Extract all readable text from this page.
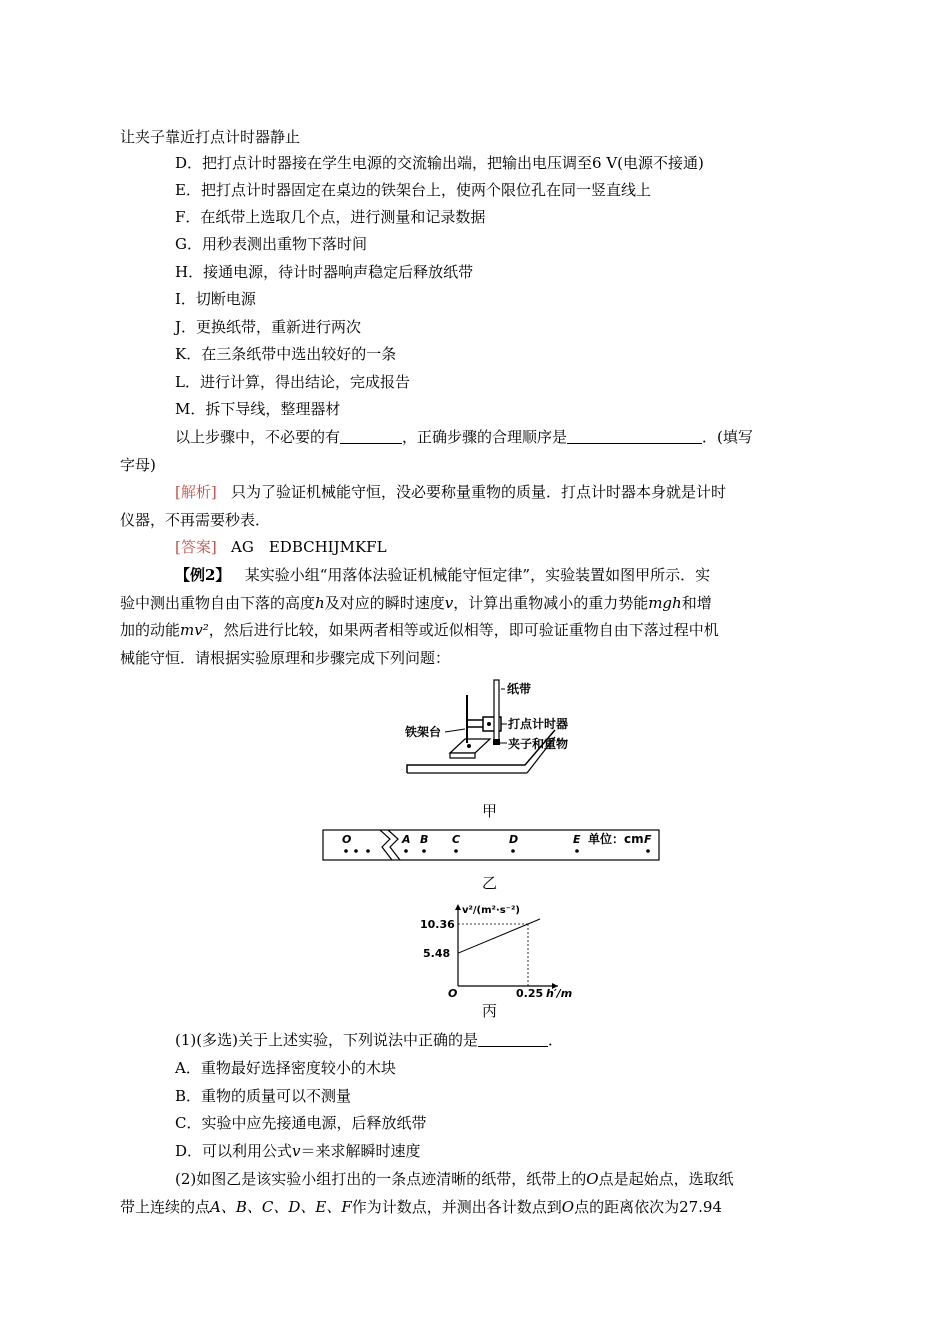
让夹子靠近打点计时器静止
D．把打点计时器接在学生电源的交流输出端，把输出电压调至6 V(电源不接通)
E．把打点计时器固定在桌边的铁架台上，使两个限位孔在同一竖直线上
F．在纸带上选取几个点，进行测量和记录数据
G．用秒表测出重物下落时间
H．接通电源，待计时器响声稳定后释放纸带
I．切断电源
J．更换纸带，重新进行两次
K．在三条纸带中选出较好的一条
L．进行计算，得出结论，完成报告
M．拆下导线，整理器材
以上步骤中，不必要的有	，正确步骤的合理顺序是	．(填写
字母)
[解析] 只为了验证机械能守恒，没必要称量重物的质量．打点计时器本身就是计时
仪器，不再需要秒表．
[答案] AG　EDBCHIJMKFL
【例2】 某实验小组“用落体法验证机械能守恒定律”，实验装置如图甲所示．实
验中测出重物自由下落的高度h及对应的瞬时速度v，计算出重物减小的重力势能mgh和增
加的动能mv²，然后进行比较，如果两者相等或近似相等，即可验证重物自由下落过程中机
械能守恒．请根据实验原理和步骤完成下列问题：
纸带
铁架台
打点计时器
夹子和重物
甲
O	A B C	D	E	F
单位：cm
乙
v²/(m²·s⁻²)
h′/m
10.36
5.48
0.25
O
丙
(1)(多选)关于上述实验，下列说法中正确的是	．
A．重物最好选择密度较小的木块
B．重物的质量可以不测量
C．实验中应先接通电源，后释放纸带
D．可以利用公式v＝来求解瞬时速度
(2)如图乙是该实验小组打出的一条点迹清晰的纸带，纸带上的O点是起始点，选取纸
带上连续的点A、B、C、D、E、F作为计数点，并测出各计数点到O点的距离依次为27.94
